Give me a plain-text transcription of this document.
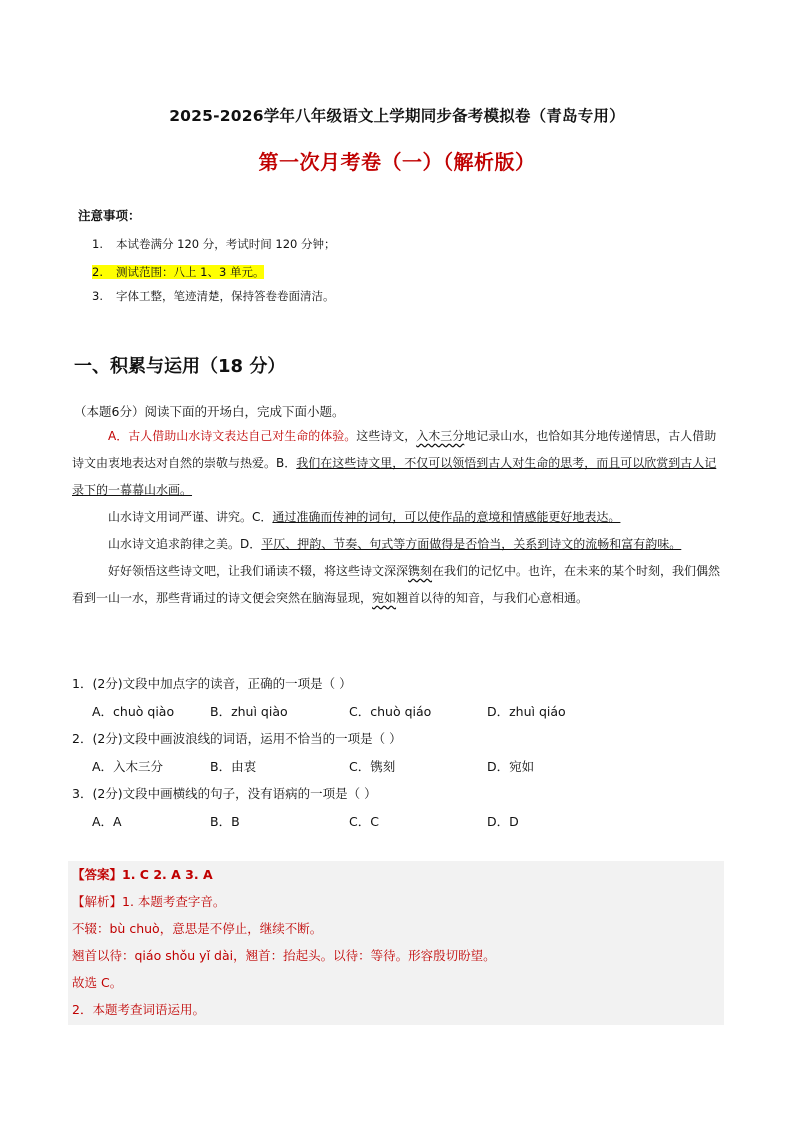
2025-2026学年八年级语文上学期同步备考模拟卷（青岛专用）
第一次月考卷（一）（解析版）
注意事项：
1. 本试卷满分 120 分，考试时间 120 分钟；
2. 测试范围：八上 1、3 单元。
3. 字体工整，笔迹清楚，保持答卷卷面清洁。
一、积累与运用（18 分）
（本题6分）阅读下面的开场白，完成下面小题。

A．古人借助山水诗文表达自己对生命的体验。这些诗文，入木三分地记录山水，也恰如其分地传递情思，古人借助诗文由衷地表达对自然的崇敬与热爱。B．我们在这些诗文里，不仅可以领悟到古人对生命的思考，而且可以欣赏到古人记录下的一幕幕山水画。

山水诗文用词严谨、讲究。C．通过准确而传神的词句，可以使作品的意境和情感能更好地表达。

山水诗文追求韵律之美。D．平仄、押韵、节奏、句式等方面做得是否恰当，关系到诗文的流畅和富有韵味。

好好领悟这些诗文吧，让我们诵读不辍，将这些诗文深深镌刻在我们的记忆中。也许，在未来的某个时刻，我们偶然看到一山一水，那些背诵过的诗文便会突然在脑海显现，宛如翘首以待的知音，与我们心意相通。

1．(2分)文段中加点字的读音，正确的一项是（ ）
A．chuò qiào	B．zhuì qiào	C．chuò qiáo	D．zhuì qiáo
2．(2分)文段中画波浪线的词语，运用不恰当的一项是（ ）
A．入木三分	B．由衷	C．镌刻	D．宛如
3．(2分)文段中画横线的句子，没有语病的一项是（ ）
A．A	B．B	C．C	D．D
【答案】1. C 2. A 3. A
【解析】1. 本题考查字音。
不辍：bù chuò，意思是不停止，继续不断。
翘首以待：qiáo shǒu yǐ dài，翘首：抬起头。以待：等待。形容殷切盼望。
故选 C。
2．本题考查词语运用。
